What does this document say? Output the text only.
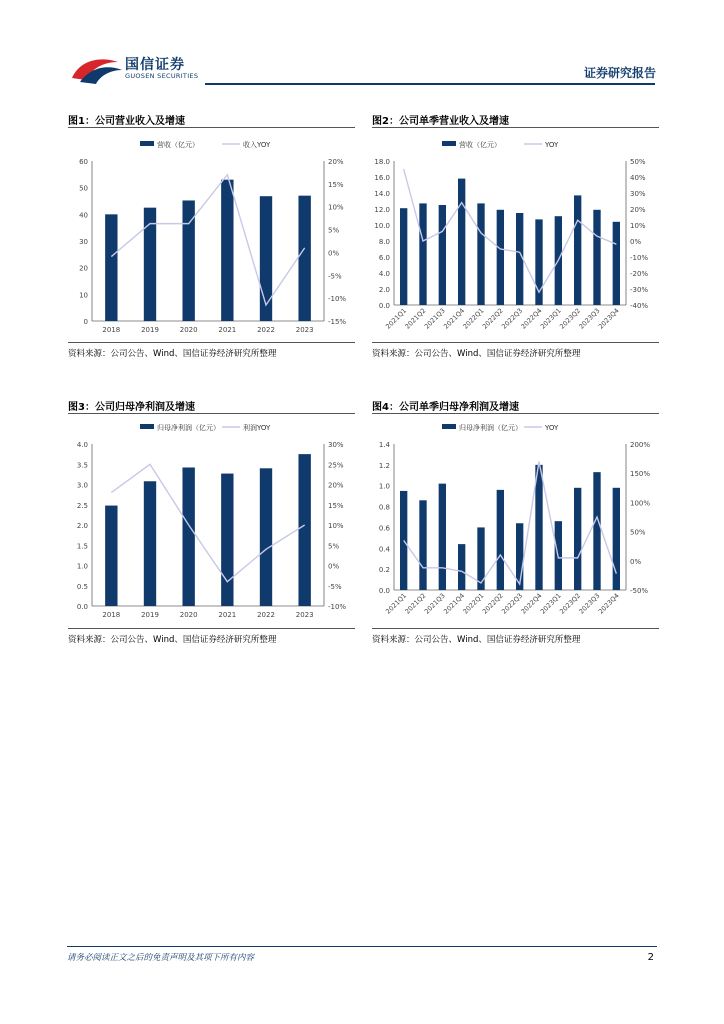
国信证券
GUOSEN SECURITIES	证券研究报告
图1：公司营业收入及增速
0
10
20
30
40
50
60
-15%
-10%
-5%
0%
5%
10%
15%
20%
2018	2019	2020	2021	2022	2023
营收（亿元）	收入YOY
资料来源：公司公告、Wind、国信证券经济研究所整理
图2：公司单季营业收入及增速
0.0
2.0
4.0
6.0
8.0
10.0
12.0
14.0
16.0
18.0
-40%
-30%
-20%
-10%
0%
10%
20%
30%
40%
50%
2021Q1
2021Q2
2021Q3
2021Q4
2022Q1
2022Q2
2022Q3
2022Q4
2023Q1
2023Q2
2023Q3
2023Q4
营收（亿元）	YOY
资料来源：公司公告、Wind、国信证券经济研究所整理
图3：公司归母净利润及增速
0.0
0.5
1.0
1.5
2.0
2.5
3.0
3.5
4.0
-10%
-5%
0%
5%
10%
15%
20%
25%
30%
2018	2019	2020	2021	2022	2023
归母净利润（亿元）	利润YOY
资料来源：公司公告、Wind、国信证券经济研究所整理
图4：公司单季归母净利润及增速
0.0
0.2
0.4
0.6
0.8
1.0
1.2
1.4
-50%
0%
50%
100%
150%
200%
2021Q1
2021Q2
2021Q3
2021Q4
2022Q1
2022Q2
2022Q3
2022Q4
2023Q1
2023Q2
2023Q3
2023Q4
归母净利润（亿元）	YOY
资料来源：公司公告、Wind、国信证券经济研究所整理
请务必阅读正文之后的免责声明及其项下所有内容	2
